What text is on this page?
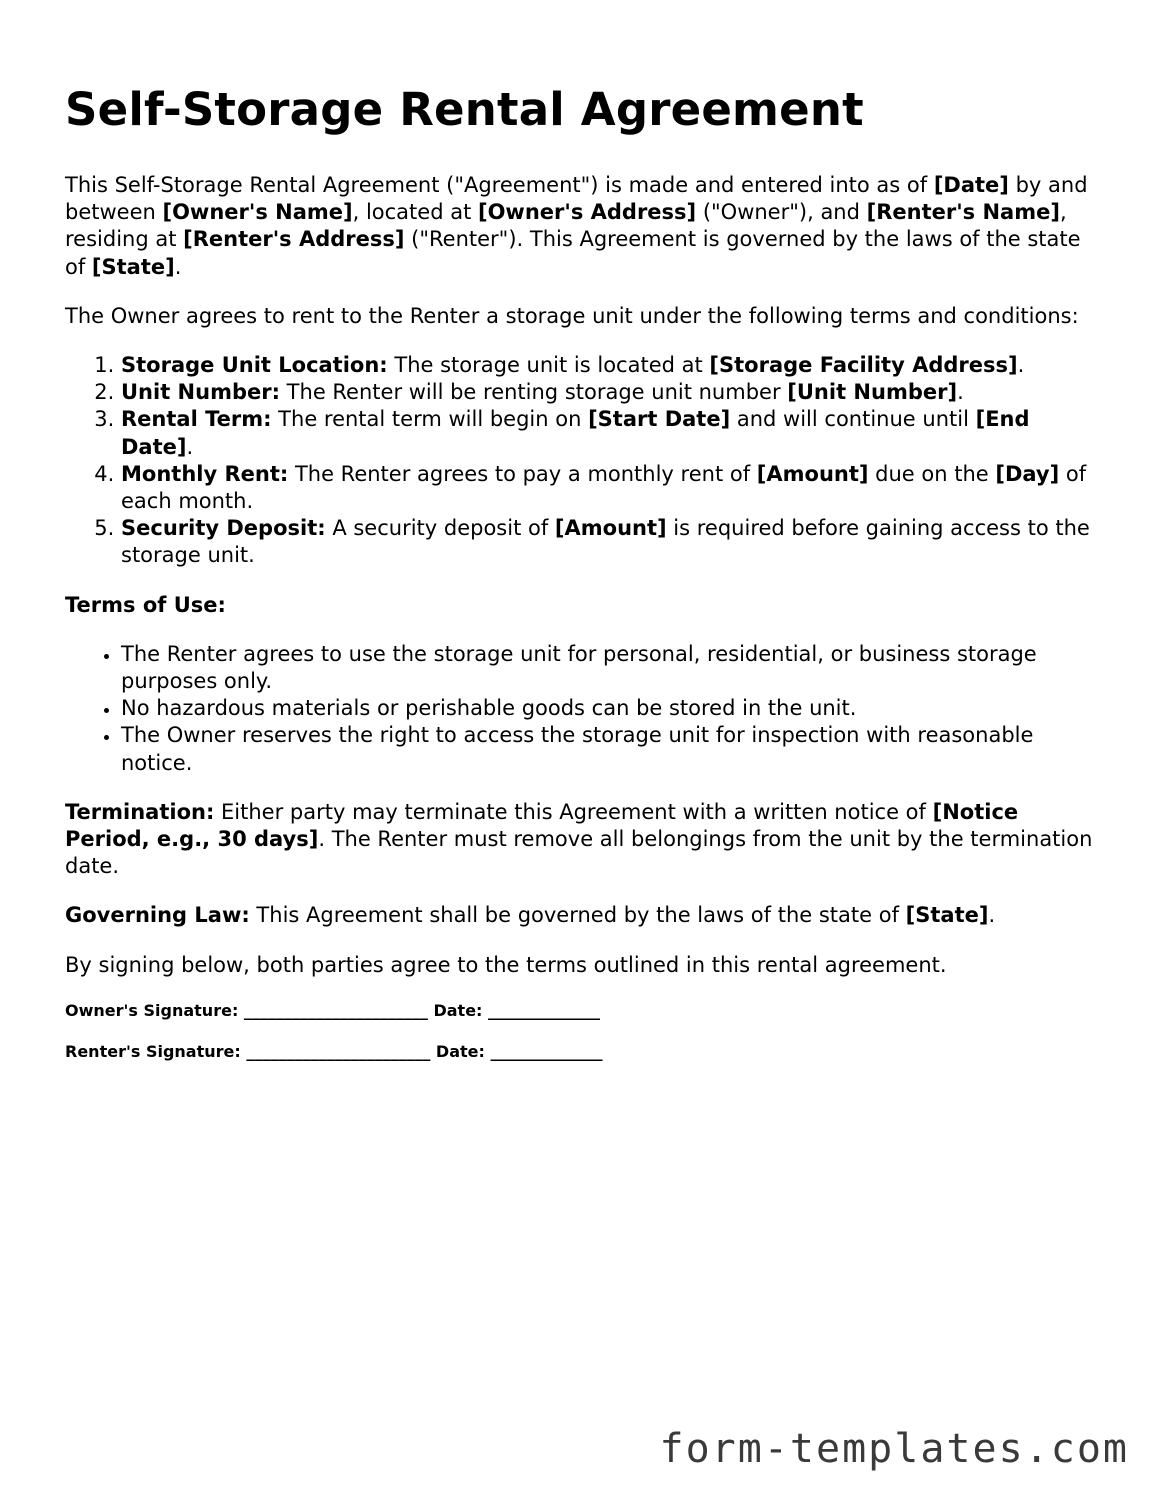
Self-Storage Rental Agreement

This Self-Storage Rental Agreement ("Agreement") is made and entered into as of [Date] by and between [Owner's Name], located at [Owner's Address] ("Owner"), and [Renter's Name], residing at [Renter's Address] ("Renter"). This Agreement is governed by the laws of the state of [State].

The Owner agrees to rent to the Renter a storage unit under the following terms and conditions:

1. Storage Unit Location: The storage unit is located at [Storage Facility Address].
2. Unit Number: The Renter will be renting storage unit number [Unit Number].
3. Rental Term: The rental term will begin on [Start Date] and will continue until [End Date].
4. Monthly Rent: The Renter agrees to pay a monthly rent of [Amount] due on the [Day] of each month.
5. Security Deposit: A security deposit of [Amount] is required before gaining access to the storage unit.

Terms of Use:

• The Renter agrees to use the storage unit for personal, residential, or business storage purposes only.
• No hazardous materials or perishable goods can be stored in the unit.
• The Owner reserves the right to access the storage unit for inspection with reasonable notice.

Termination: Either party may terminate this Agreement with a written notice of [Notice Period, e.g., 30 days]. The Renter must remove all belongings from the unit by the termination date.

Governing Law: This Agreement shall be governed by the laws of the state of [State].

By signing below, both parties agree to the terms outlined in this rental agreement.

Owner's Signature: _______________________ Date: ______________
Renter's Signature: _______________________ Date: ______________
form-templates.com
